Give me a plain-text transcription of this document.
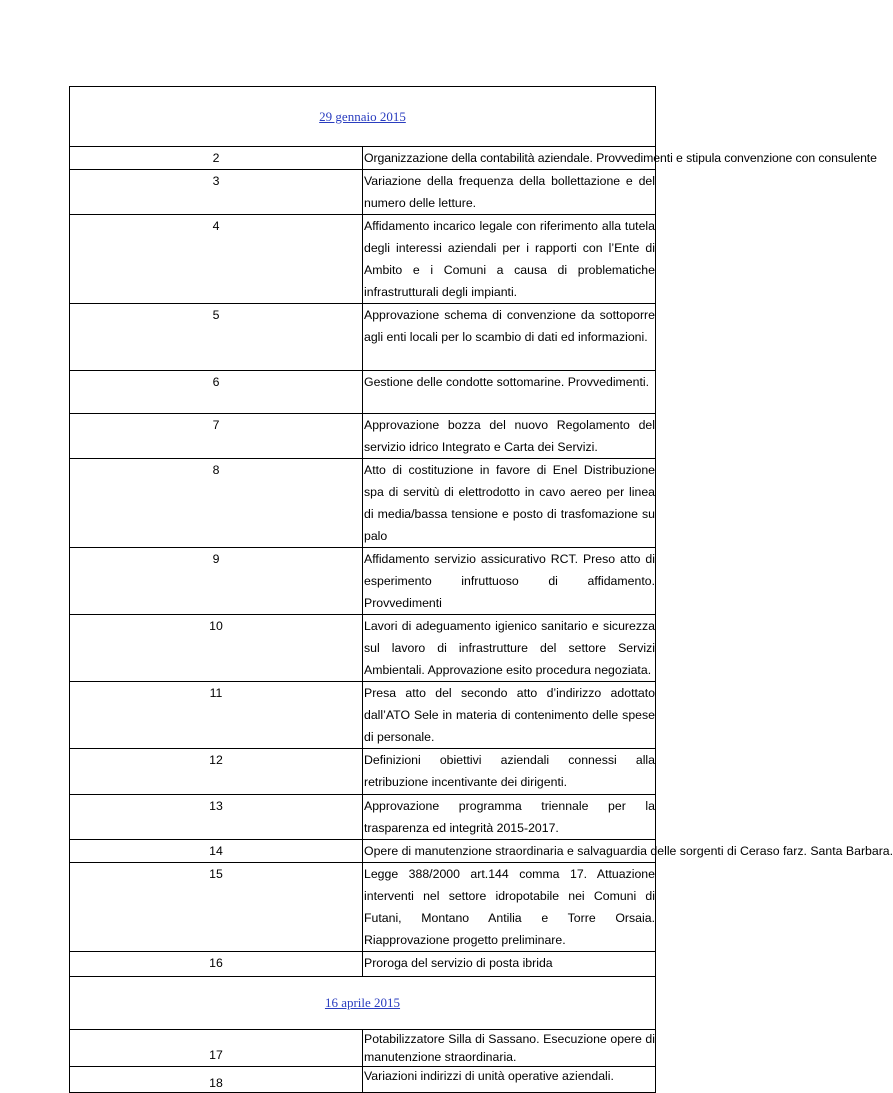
29 gennaio 2015	
2	Organizzazione della contabilità aziendale. Provvedimenti e stipula convenzione con consulente
3	Variazione della frequenza della bollettazione e del numero delle letture.
4	Affidamento incarico legale con riferimento alla tutela degli interessi aziendali per i rapporti con l’Ente di Ambito e i Comuni a causa di problematiche infrastrutturali degli impianti.
5	Approvazione schema di convenzione da sottoporre agli enti locali per lo scambio di dati ed informazioni.
6	Gestione delle condotte sottomarine. Provvedimenti.
7	Approvazione bozza del nuovo Regolamento del servizio idrico Integrato e Carta dei Servizi.
8	Atto di costituzione in favore di Enel Distribuzione spa di servitù di elettrodotto in cavo aereo per linea di media/bassa tensione e posto di trasfomazione su palo
9	Affidamento servizio assicurativo RCT. Preso atto di esperimento infruttuoso di affidamento. Provvedimenti
10	Lavori di adeguamento igienico sanitario e sicurezza sul lavoro di infrastrutture del settore Servizi Ambientali. Approvazione esito procedura negoziata.
11	Presa atto del secondo atto d’indirizzo adottato dall’ATO Sele in materia di contenimento delle spese di personale.
12	Definizioni obiettivi aziendali connessi alla retribuzione incentivante dei dirigenti.
13	Approvazione programma triennale per la trasparenza ed integrità 2015-2017.
14	Opere di manutenzione straordinaria e salvaguardia delle sorgenti di Ceraso farz. Santa Barbara.
15	Legge 388/2000 art.144 comma 17. Attuazione interventi nel settore idropotabile nei Comuni di Futani, Montano Antilia e Torre Orsaia. Riapprovazione progetto preliminare.
16	Proroga del servizio di posta ibrida
16 aprile 2015	
17	Potabilizzatore Silla di Sassano. Esecuzione opere di manutenzione straordinaria.
18	Variazioni indirizzi di unità operative aziendali.
